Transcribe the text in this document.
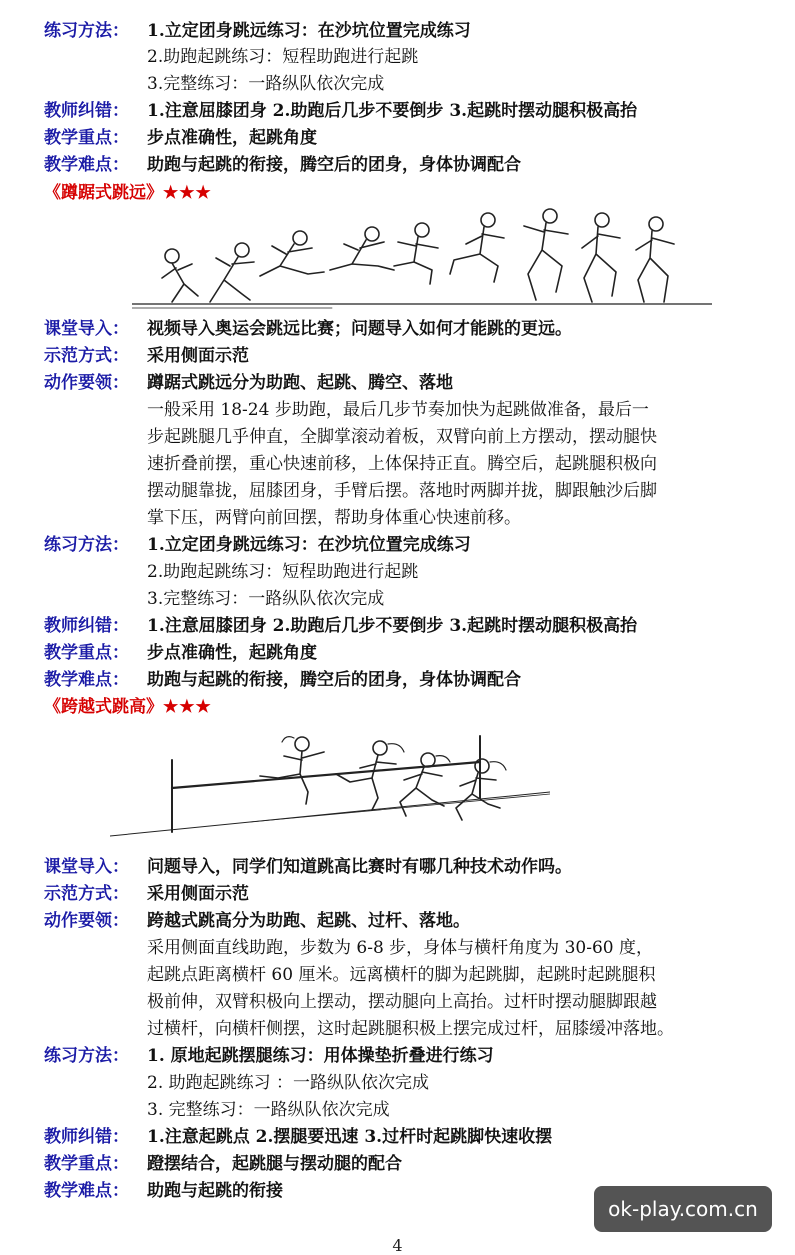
练习方法： 1.立定团身跳远练习：在沙坑位置完成练习
2.助跑起跳练习：短程助跑进行起跳
3.完整练习：一路纵队依次完成
教师纠错： 1.注意屈膝团身 2.助跑后几步不要倒步 3.起跳时摆动腿积极高抬
教学重点： 步点准确性，起跳角度
教学难点： 助跑与起跳的衔接，腾空后的团身，身体协调配合
《蹲踞式跳远》★★★
课堂导入： 视频导入奥运会跳远比赛；问题导入如何才能跳的更远。
示范方式： 采用侧面示范
动作要领： 蹲踞式跳远分为助跑、起跳、腾空、落地
一般采用 18-24 步助跑，最后几步节奏加快为起跳做准备，最后一
步起跳腿几乎伸直，全脚掌滚动着板，双臂向前上方摆动，摆动腿快
速折叠前摆，重心快速前移，上体保持正直。腾空后，起跳腿积极向
摆动腿靠拢，屈膝团身，手臂后摆。落地时两脚并拢，脚跟触沙后脚
掌下压，两臂向前回摆，帮助身体重心快速前移。
练习方法： 1.立定团身跳远练习：在沙坑位置完成练习
2.助跑起跳练习：短程助跑进行起跳
3.完整练习：一路纵队依次完成
教师纠错： 1.注意屈膝团身 2.助跑后几步不要倒步 3.起跳时摆动腿积极高抬
教学重点： 步点准确性，起跳角度
教学难点： 助跑与起跳的衔接，腾空后的团身，身体协调配合
《跨越式跳高》★★★
课堂导入： 问题导入，同学们知道跳高比赛时有哪几种技术动作吗。
示范方式： 采用侧面示范
动作要领： 跨越式跳高分为助跑、起跳、过杆、落地。
采用侧面直线助跑，步数为 6-8 步，身体与横杆角度为 30-60 度，
起跳点距离横杆 60 厘米。远离横杆的脚为起跳脚，起跳时起跳腿积
极前伸，双臂积极向上摆动，摆动腿向上高抬。过杆时摆动腿脚跟越
过横杆，向横杆侧摆，这时起跳腿积极上摆完成过杆，屈膝缓冲落地。
练习方法： 1. 原地起跳摆腿练习：用体操垫折叠进行练习
2. 助跑起跳练习 ：一路纵队依次完成
3. 完整练习：一路纵队依次完成
教师纠错： 1.注意起跳点 2.摆腿要迅速 3.过杆时起跳脚快速收摆
教学重点： 蹬摆结合，起跳腿与摆动腿的配合
教学难点： 助跑与起跳的衔接
ok-play.com.cn
4
